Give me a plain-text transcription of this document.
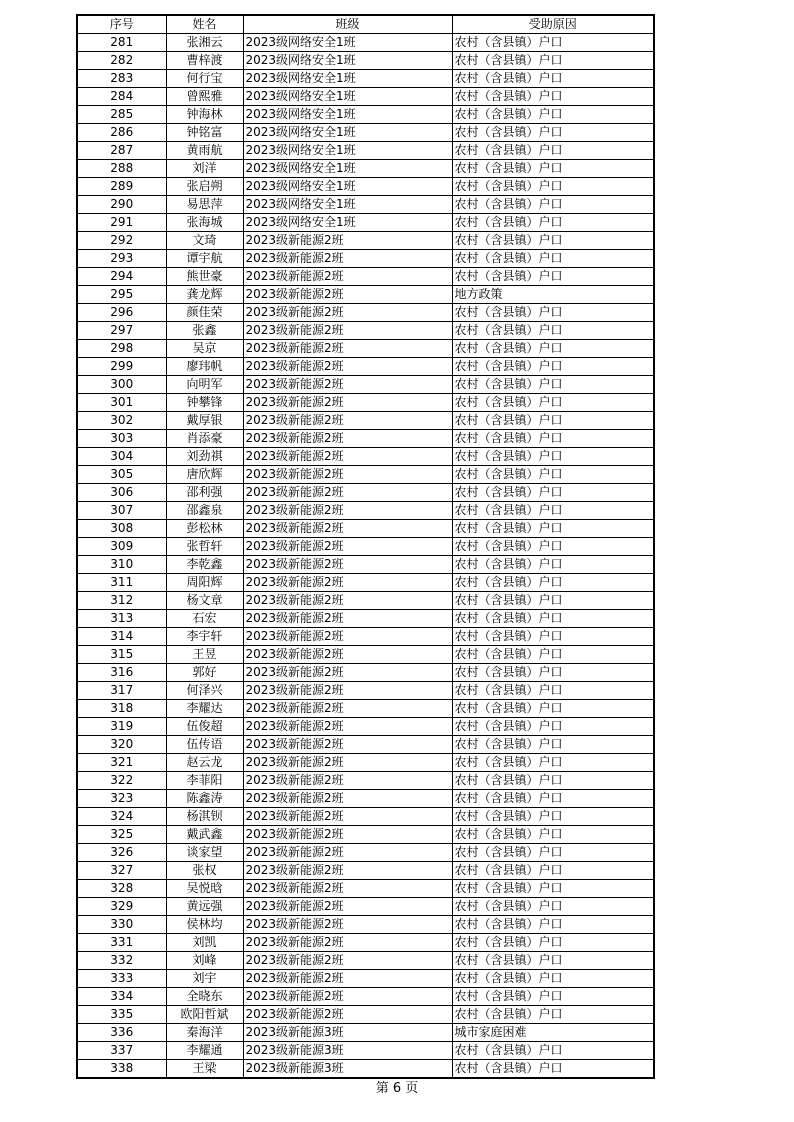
序号	姓名	班级	受助原因
281	张湘云	2023级网络安全1班	农村（含县镇）户口
282	曹梓渡	2023级网络安全1班	农村（含县镇）户口
283	何行宝	2023级网络安全1班	农村（含县镇）户口
284	曾熙雅	2023级网络安全1班	农村（含县镇）户口
285	钟海林	2023级网络安全1班	农村（含县镇）户口
286	钟铭富	2023级网络安全1班	农村（含县镇）户口
287	黄雨航	2023级网络安全1班	农村（含县镇）户口
288	刘洋	2023级网络安全1班	农村（含县镇）户口
289	张启朔	2023级网络安全1班	农村（含县镇）户口
290	易思萍	2023级网络安全1班	农村（含县镇）户口
291	张海城	2023级网络安全1班	农村（含县镇）户口
292	文琦	2023级新能源2班	农村（含县镇）户口
293	谭宇航	2023级新能源2班	农村（含县镇）户口
294	熊世豪	2023级新能源2班	农村（含县镇）户口
295	龚龙辉	2023级新能源2班	地方政策
296	颜佳荣	2023级新能源2班	农村（含县镇）户口
297	张鑫	2023级新能源2班	农村（含县镇）户口
298	吴京	2023级新能源2班	农村（含县镇）户口
299	廖玮帆	2023级新能源2班	农村（含县镇）户口
300	向明军	2023级新能源2班	农村（含县镇）户口
301	钟攀锋	2023级新能源2班	农村（含县镇）户口
302	戴厚银	2023级新能源2班	农村（含县镇）户口
303	肖添豪	2023级新能源2班	农村（含县镇）户口
304	刘劲祺	2023级新能源2班	农村（含县镇）户口
305	唐欣辉	2023级新能源2班	农村（含县镇）户口
306	邵利强	2023级新能源2班	农村（含县镇）户口
307	邵鑫泉	2023级新能源2班	农村（含县镇）户口
308	彭松林	2023级新能源2班	农村（含县镇）户口
309	张哲轩	2023级新能源2班	农村（含县镇）户口
310	李乾鑫	2023级新能源2班	农村（含县镇）户口
311	周阳辉	2023级新能源2班	农村（含县镇）户口
312	杨文章	2023级新能源2班	农村（含县镇）户口
313	石宏	2023级新能源2班	农村（含县镇）户口
314	李宇轩	2023级新能源2班	农村（含县镇）户口
315	王昱	2023级新能源2班	农村（含县镇）户口
316	郭好	2023级新能源2班	农村（含县镇）户口
317	何泽兴	2023级新能源2班	农村（含县镇）户口
318	李耀达	2023级新能源2班	农村（含县镇）户口
319	伍俊超	2023级新能源2班	农村（含县镇）户口
320	伍传语	2023级新能源2班	农村（含县镇）户口
321	赵云龙	2023级新能源2班	农村（含县镇）户口
322	李菲阳	2023级新能源2班	农村（含县镇）户口
323	陈鑫涛	2023级新能源2班	农村（含县镇）户口
324	杨淇钡	2023级新能源2班	农村（含县镇）户口
325	戴武鑫	2023级新能源2班	农村（含县镇）户口
326	谈家望	2023级新能源2班	农村（含县镇）户口
327	张权	2023级新能源2班	农村（含县镇）户口
328	吴悦晗	2023级新能源2班	农村（含县镇）户口
329	黄远强	2023级新能源2班	农村（含县镇）户口
330	侯林均	2023级新能源2班	农村（含县镇）户口
331	刘凯	2023级新能源2班	农村（含县镇）户口
332	刘峰	2023级新能源2班	农村（含县镇）户口
333	刘宇	2023级新能源2班	农村（含县镇）户口
334	全晓东	2023级新能源2班	农村（含县镇）户口
335	欧阳哲斌	2023级新能源2班	农村（含县镇）户口
336	秦海洋	2023级新能源3班	城市家庭困难
337	李耀通	2023级新能源3班	农村（含县镇）户口
338	王梁	2023级新能源3班	农村（含县镇）户口
第 6 页
